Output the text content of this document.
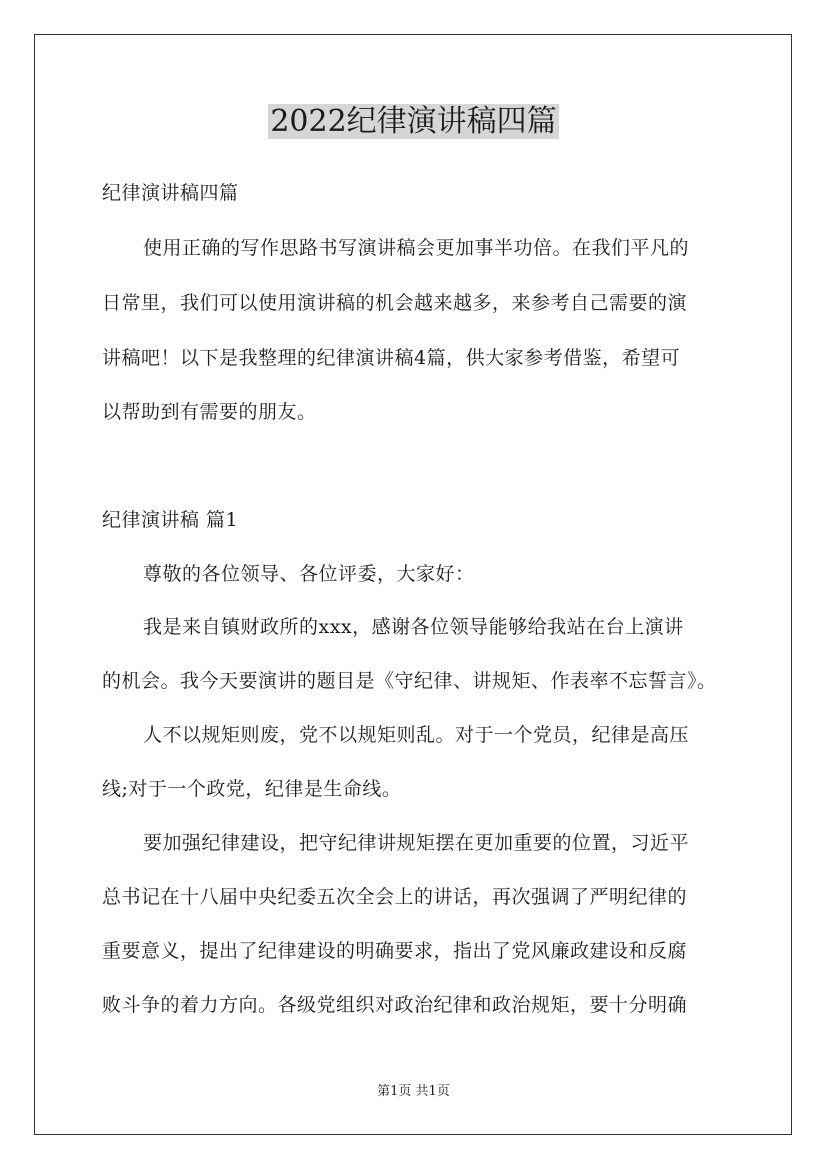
2022纪律演讲稿四篇
纪律演讲稿四篇
使用正确的写作思路书写演讲稿会更加事半功倍。在我们平凡的
日常里，我们可以使用演讲稿的机会越来越多，来参考自己需要的演
讲稿吧！以下是我整理的纪律演讲稿4篇，供大家参考借鉴，希望可
以帮助到有需要的朋友。
纪律演讲稿 篇1
尊敬的各位领导、各位评委，大家好：
我是来自镇财政所的xxx，感谢各位领导能够给我站在台上演讲
的机会。我今天要演讲的题目是《守纪律、讲规矩、作表率不忘誓言》。
人不以规矩则废，党不以规矩则乱。对于一个党员，纪律是高压
线;对于一个政党，纪律是生命线。
要加强纪律建设，把守纪律讲规矩摆在更加重要的位置，习近平
总书记在十八届中央纪委五次全会上的讲话，再次强调了严明纪律的
重要意义，提出了纪律建设的明确要求，指出了党风廉政建设和反腐
败斗争的着力方向。各级党组织对政治纪律和政治规矩，要十分明确
第1页 共1页
